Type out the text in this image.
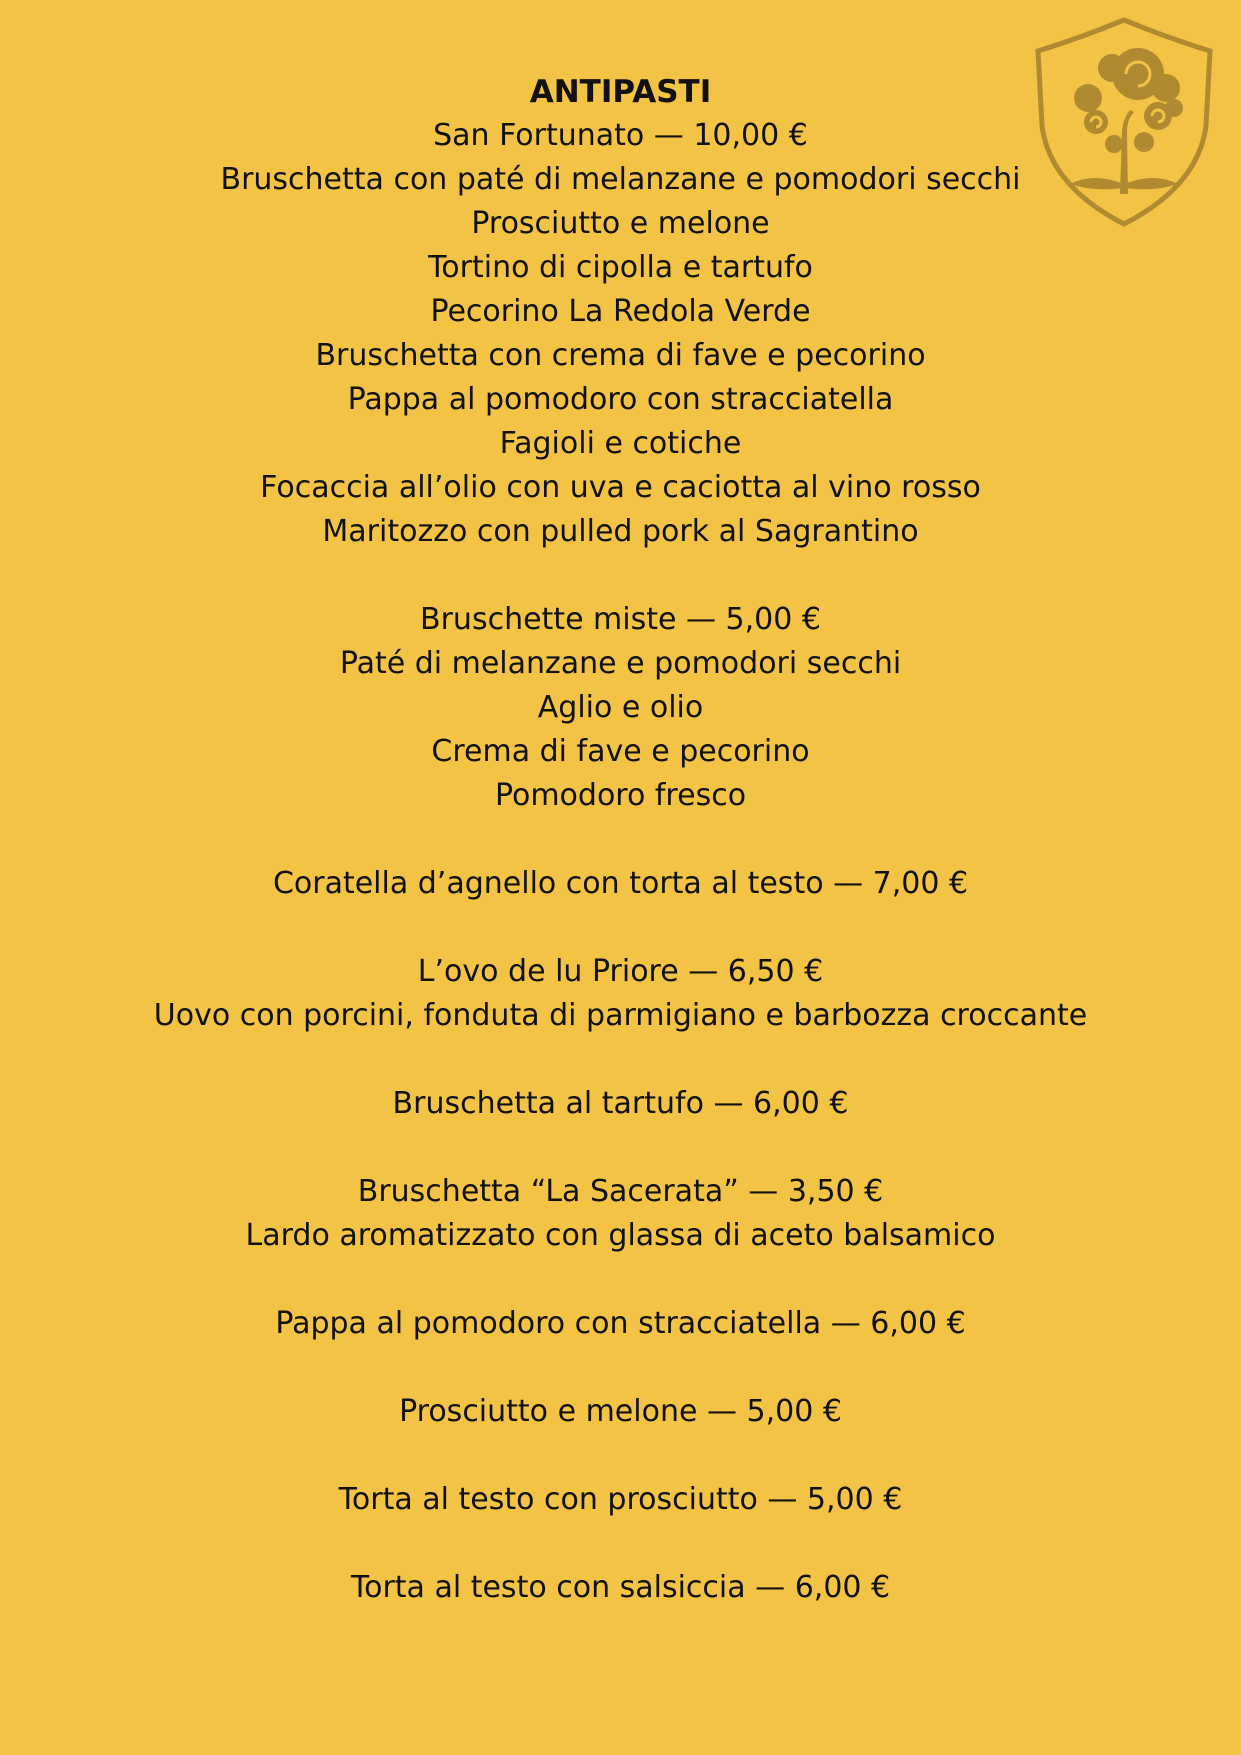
ANTIPASTI
San Fortunato — 10,00 €
Bruschetta con paté di melanzane e pomodori secchi
Prosciutto e melone
Tortino di cipolla e tartufo
Pecorino La Redola Verde
Bruschetta con crema di fave e pecorino
Pappa al pomodoro con stracciatella
Fagioli e cotiche
Focaccia all’olio con uva e caciotta al vino rosso
Maritozzo con pulled pork al Sagrantino
Bruschette miste — 5,00 €
Paté di melanzane e pomodori secchi
Aglio e olio
Crema di fave e pecorino
Pomodoro fresco
Coratella d’agnello con torta al testo — 7,00 €
L’ovo de lu Priore — 6,50 €
Uovo con porcini, fonduta di parmigiano e barbozza croccante
Bruschetta al tartufo — 6,00 €
Bruschetta “La Sacerata” — 3,50 €
Lardo aromatizzato con glassa di aceto balsamico
Pappa al pomodoro con stracciatella — 6,00 €
Prosciutto e melone — 5,00 €
Torta al testo con prosciutto — 5,00 €
Torta al testo con salsiccia — 6,00 €
